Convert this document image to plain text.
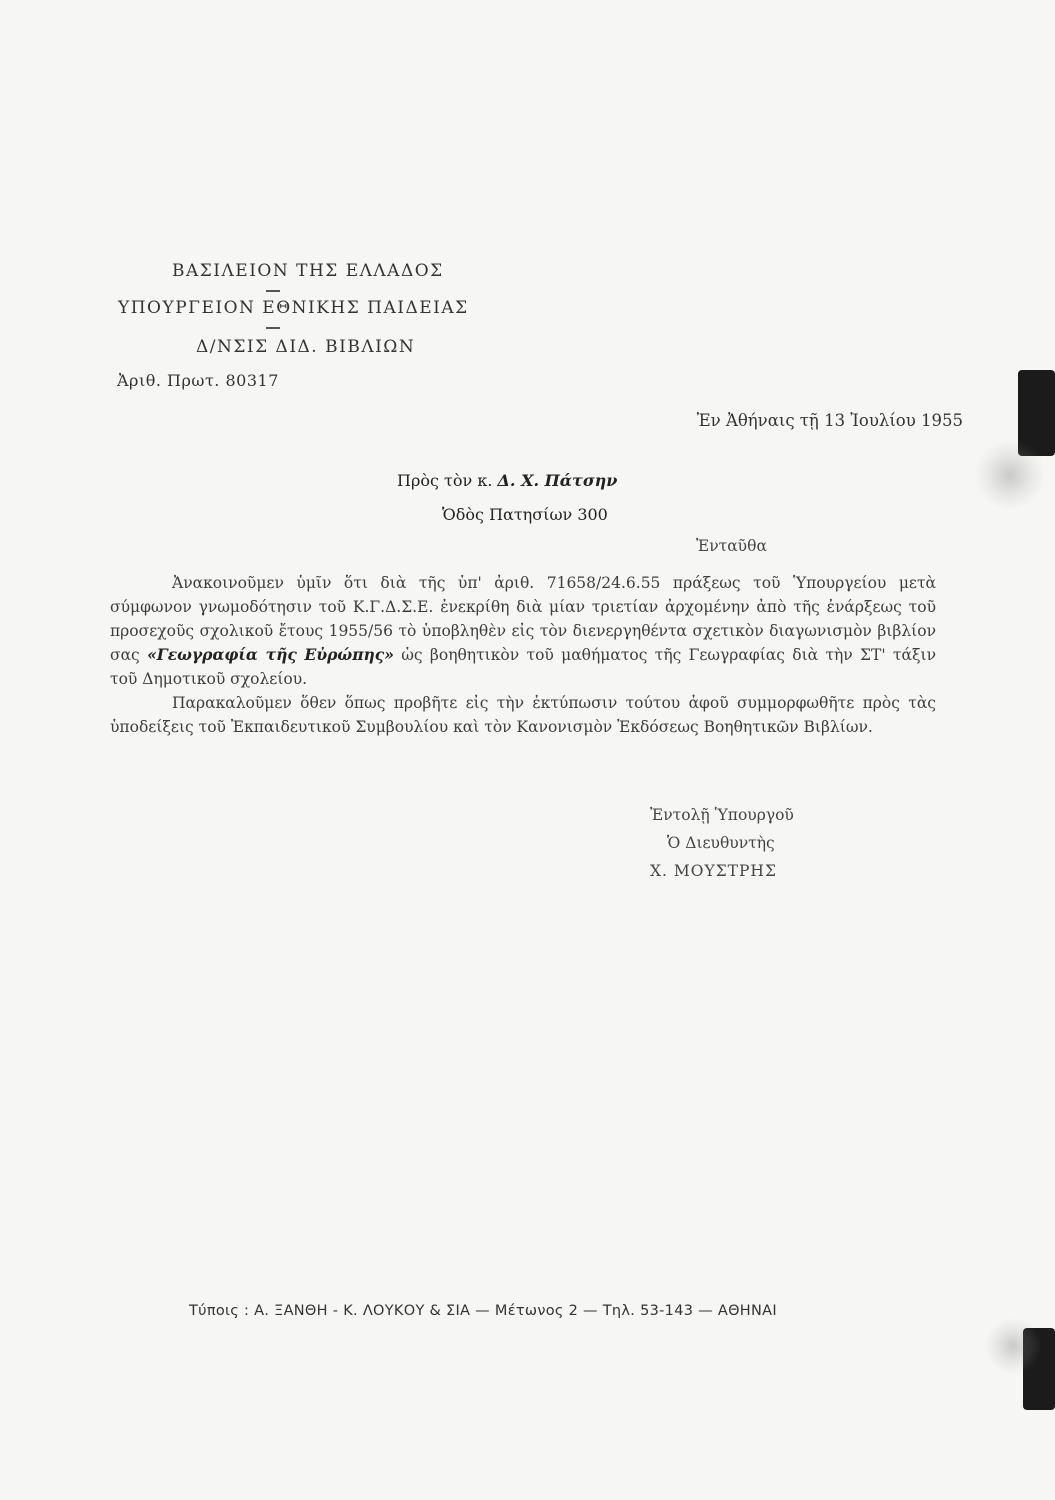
ΒΑΣΙΛΕΙΟΝ ΤΗΣ ΕΛΛΑΔΟΣ
ΥΠΟΥΡΓΕΙΟΝ ΕΘΝΙΚΗΣ ΠΑΙΔΕΙΑΣ
Δ/ΝΣΙΣ ΔΙΔ. ΒΙΒΛΙΩΝ
Ἀριθ. Πρωτ. 80317
Ἐν Ἀθήναις τῇ 13 Ἰουλίου 1955
Πρὸς τὸν κ. Δ. Χ. Πάτσην
Ὁδὸς Πατησίων 300
Ἐνταῦθα

Ἀνακοινοῦμεν ὑμῖν ὅτι διὰ τῆς ὑπ' ἀριθ. 71658/24.6.55 πράξεως τοῦ Ὑπουργείου μετὰ σύμφωνον γνωμοδότησιν τοῦ Κ.Γ.Δ.Σ.Ε. ἐνεκρίθη διὰ μίαν τριετίαν ἀρχομένην ἀπὸ τῆς ἐνάρξεως τοῦ προσεχοῦς σχολικοῦ ἔτους 1955/56 τὸ ὑποβληθὲν εἰς τὸν διενεργηθέντα σχετικὸν διαγωνισμὸν βιβλίον σας «Γεωγραφία τῆς Εὐρώπης» ὡς βοηθητικὸν τοῦ μαθήματος τῆς Γεωγραφίας διὰ τὴν ΣΤ' τάξιν τοῦ Δημοτικοῦ σχολείου.

Παρακαλοῦμεν ὅθεν ὅπως προβῆτε εἰς τὴν ἐκτύπωσιν τούτου ἀφοῦ συμμορφωθῆτε πρὸς τὰς ὑποδείξεις τοῦ Ἐκπαιδευτικοῦ Συμβουλίου καὶ τὸν Κανονισμὸν Ἐκδόσεως Βοηθητικῶν Βιβλίων.

Ἐντολῇ Ὑπουργοῦ
Ὁ Διευθυντὴς
Χ. ΜΟΥΣΤΡΗΣ
Τύποις : Α. ΞΑΝΘΗ - Κ. ΛΟΥΚΟΥ & ΣΙΑ — Μέτωνος 2 — Τηλ. 53-143 — ΑΘΗΝΑΙ
